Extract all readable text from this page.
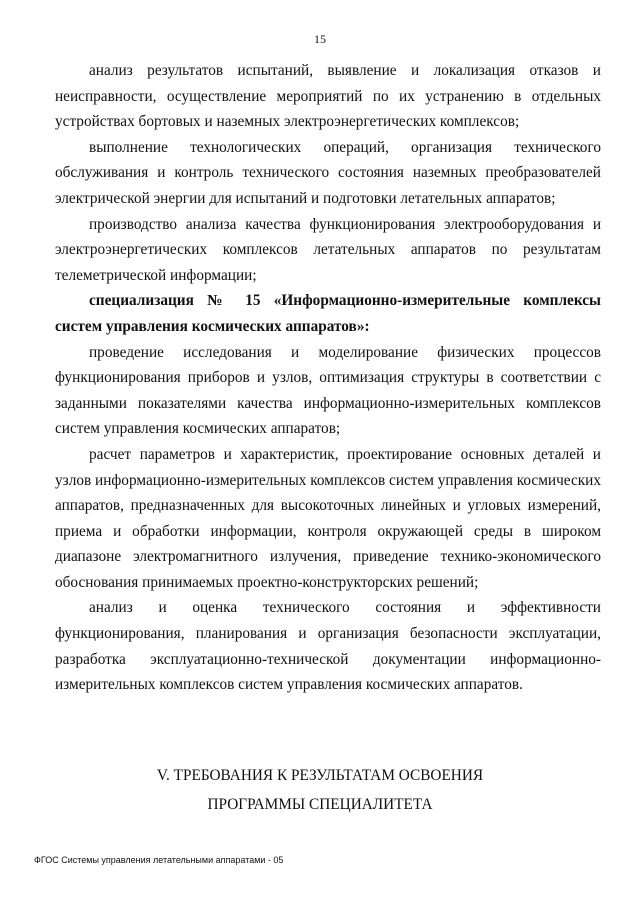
15

анализ результатов испытаний, выявление и локализация отказов и неисправности, осуществление мероприятий по их устранению в отдельных устройствах бортовых и наземных электроэнергетических комплексов;

выполнение технологических операций, организация технического обслуживания и контроль технического состояния наземных преобразователей электрической энергии для испытаний и подготовки летательных аппаратов;

производство анализа качества функционирования электрооборудования и электроэнергетических комплексов летательных аппаратов по результатам телеметрической информации;

специализация № 15 «Информационно-измерительные комплексы систем управления космических аппаратов»:

проведение исследования и моделирование физических процессов функционирования приборов и узлов, оптимизация структуры в соответствии с заданными показателями качества информационно-измерительных комплексов систем управления космических аппаратов;

расчет параметров и характеристик, проектирование основных деталей и узлов информационно-измерительных комплексов систем управления космических аппаратов, предназначенных для высокоточных линейных и угловых измерений, приема и обработки информации, контроля окружающей среды в широком диапазоне электромагнитного излучения, приведение технико-экономического обоснования принимаемых проектно-конструкторских решений;

анализ и оценка технического состояния и эффективности функционирования, планирования и организация безопасности эксплуатации, разработка эксплуатационно-технической документации информационно-измерительных комплексов систем управления космических аппаратов.

V. ТРЕБОВАНИЯ К РЕЗУЛЬТАТАМ ОСВОЕНИЯ
ПРОГРАММЫ СПЕЦИАЛИТЕТА
ФГОС Системы управления летательными аппаратами - 05
